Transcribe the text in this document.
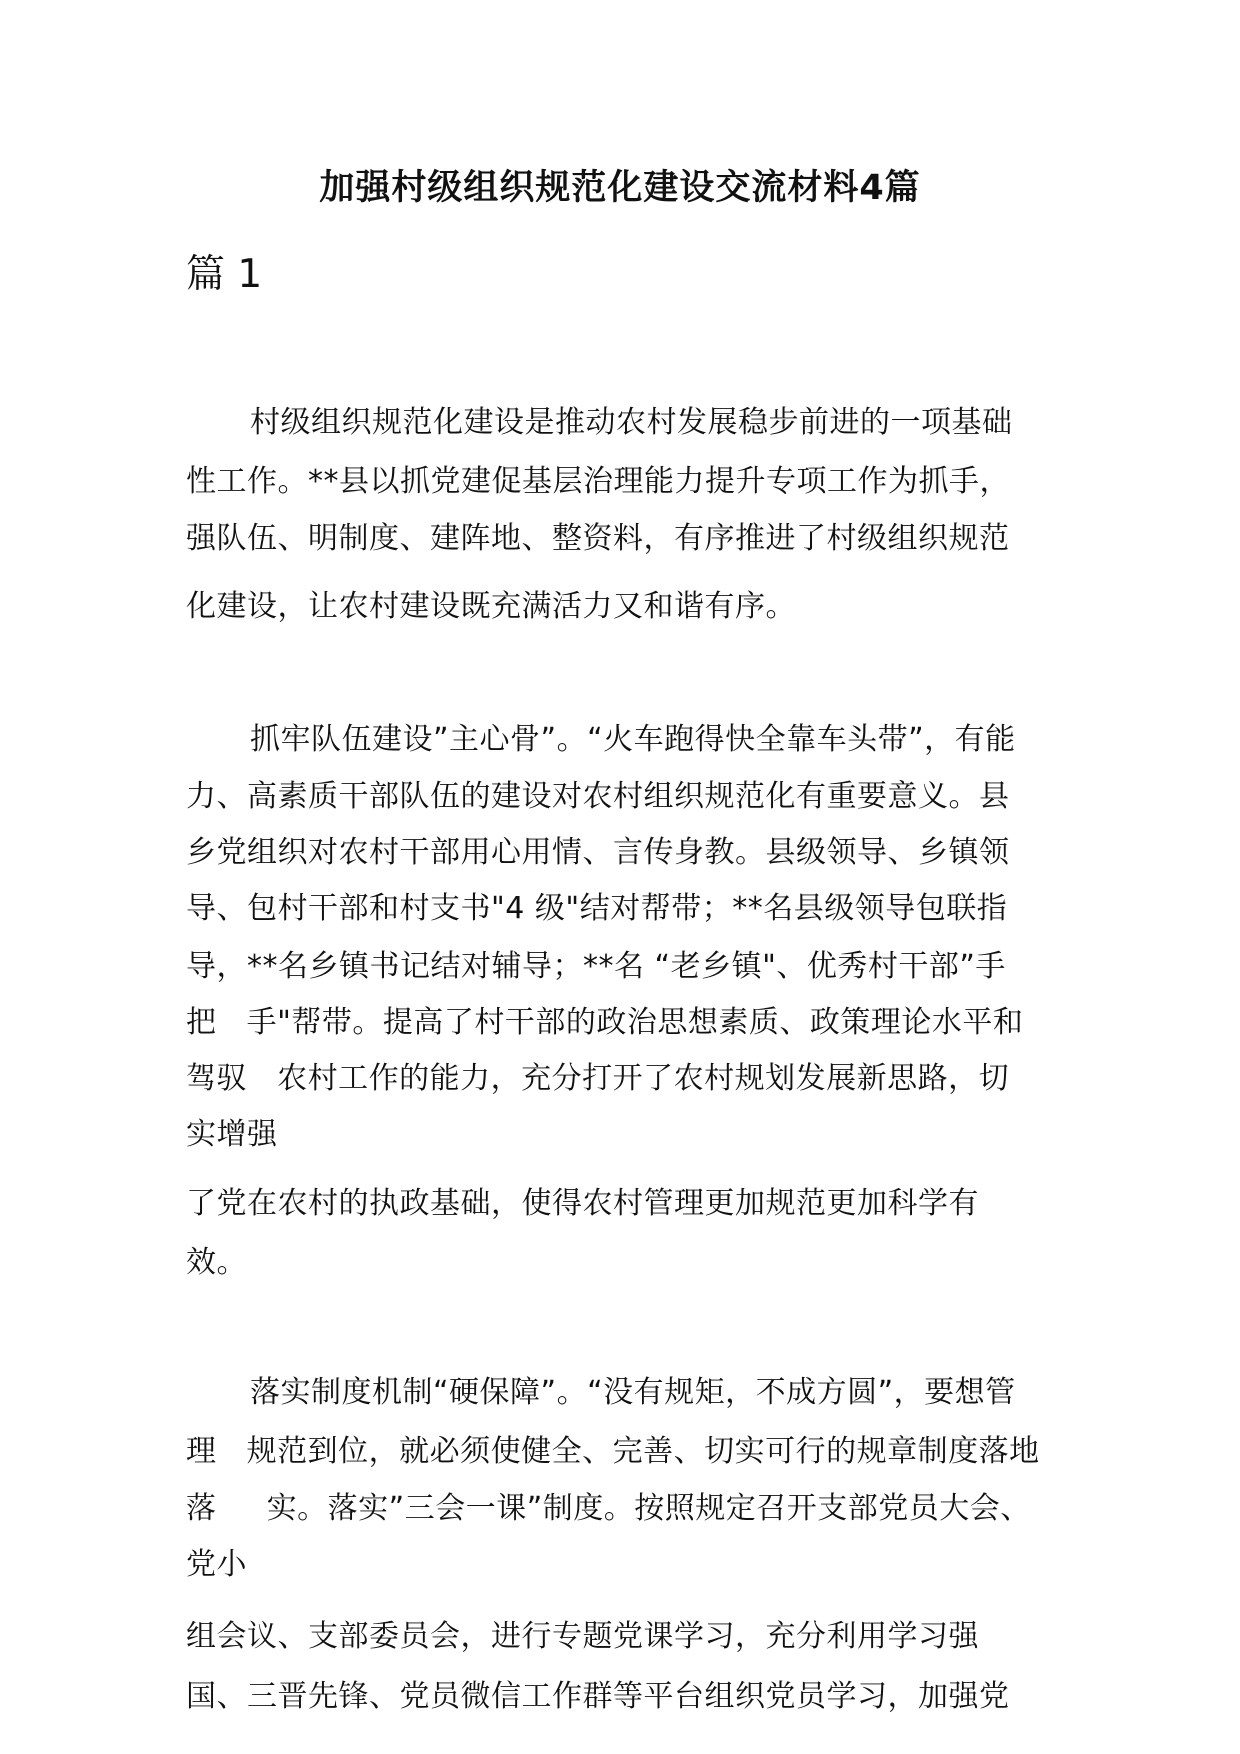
加强村级组织规范化建设交流材料4篇
篇 1
村级组织规范化建设是推动农村发展稳步前进的一项基础
性工作。**县以抓党建促基层治理能力提升专项工作为抓手，
强队伍、明制度、建阵地、整资料，有序推进了村级组织规范
化建设，让农村建设既充满活力又和谐有序。
抓牢队伍建设”主心骨”。“火车跑得快全靠车头带”，有能
力、高素质干部队伍的建设对农村组织规范化有重要意义。县
乡党组织对农村干部用心用情、言传身教。县级领导、乡镇领
导、包村干部和村支书"4 级"结对帮带；**名县级领导包联指
导，**名乡镇书记结对辅导；**名 “老乡镇"、优秀村干部”手
把   手"帮带。提高了村干部的政治思想素质、政策理论水平和
驾驭   农村工作的能力，充分打开了农村规划发展新思路，切
实增强
了党在农村的执政基础，使得农村管理更加规范更加科学有
效。
落实制度机制“硬保障”。“没有规矩，不成方圆”，要想管
理   规范到位，就必须使健全、完善、切实可行的规章制度落地
落     实。落实”三会一课”制度。按照规定召开支部党员大会、
党小
组会议、支部委员会，进行专题党课学习，充分利用学习强
国、三晋先锋、党员微信工作群等平台组织党员学习，加强党
